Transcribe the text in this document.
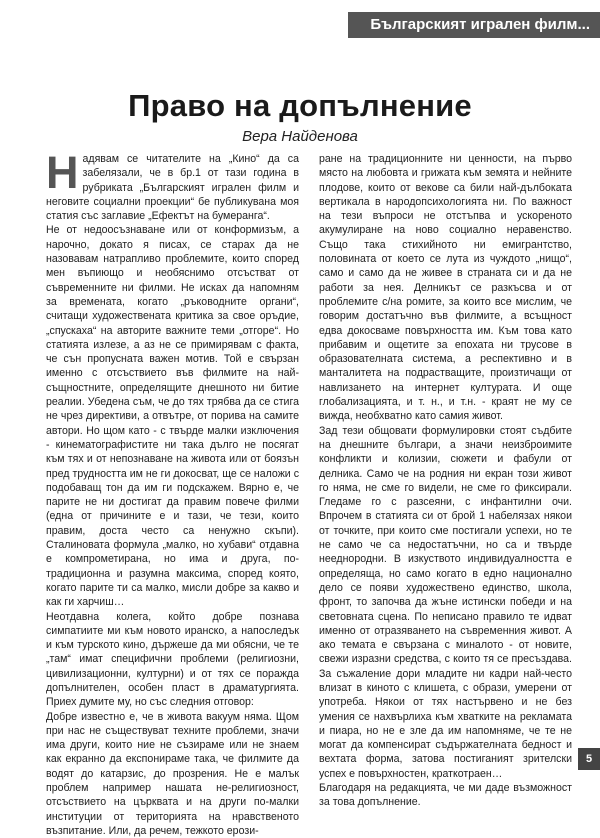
Българският игрален филм...
Право на допълнение
Вера Найденова

Надявам се читателите на „Кино“ да са забелязали, че в бр.1 от тази година в рубриката „Българският игрален филм и неговите социални проекции“ бе публикувана моя статия със заглавие „Ефектът на бумеранга“.

Не от недоосъзнаване или от конформизъм, а нарочно, докато я писах, се старах да не назовавам натрапливо проблемите, които според мен въпиющо и необяснимо отсъстват от съвременните ни филми. Не исках да напомням за времената, когато „ръководните органи“, считащи художествената критика за свое оръдие, „спускаха“ на авторите важните теми „отгоре“. Но статията излезе, а аз не се примирявам с факта, че сън пропусната важен мотив. Той е свързан именно с отсъствието във филмите на най-същностните, определящите днешното ни битие реалии. Убедена съм, че до тях трябва да се стига не чрез директиви, а отвътре, от порива на самите автори. Но щом като - с твърде малки изключения - кинематографистите ни така дълго не посягат към тях и от непознаване на живота или от боязън пред трудността им не ги докосват, ще се наложи с подобаващ тон да им ги подскажем. Вярно е, че парите не ни достигат да правим повече филми (една от причините е и тази, че тези, които правим, доста често са ненужно скъпи). Сталиновата формула „малко, но хубави“ отдавна е компрометирана, но има и друга, по-традиционна и разумна максима, според която, когато парите ти са малко, мисли добре за какво и как ги харчиш…

Неотдавна колега, който добре познава симпатиите ми към новото иранско, а напоследък и към турското кино, държеше да ми обясни, че те „там“ имат специфични проблеми (религиозни, цивилизационни, културни) и от тях се поражда допълнителен, особен пласт в драматургията. Приех думите му, но със следния отговор:

Добре известно е, че в живота вакуум няма. Щом при нас не съществуват техните проблеми, значи има други, които ние не съзираме или не знаем как екранно да експонираме така, че филмите да водят до катарзис, до прозрения. Не е малък проблем например нашата не-религиозност, отсъствието на църквата и на други по-малки институции от територията на нравственото възпитание. Или, да речем, тежкото ерози-

ране на традиционните ни ценности, на първо място на любовта и грижата към земята и нейните плодове, които от векове са били най-дълбоката вертикала в народопсихологията ни. По важност на тези въпроси не отстъпва и ускореното акумулиране на ново социално неравенство. Също така стихийното ни емигрантство, половината от което се лута из чуждото „нищо“, само и само да не живее в страната си и да не работи за нея. Делникът се разкъсва и от проблемите с/на ромите, за които все мислим, че говорим достатъчно във филмите, а всъщност едва докосваме повърхността им. Към това като прибавим и ощетите за епохата ни трусове в образователната система, а респективно и в манталитета на подрастващите, произтичащи от навлизането на интернет културата. И още глобализацията, и т. н., и т.н. - краят не му се вижда, необхватно като самия живот.

Зад тези общовати формулировки стоят съдбите на днешните българи, а значи неизброимите конфликти и колизии, сюжети и фабули от делника. Само че на родния ни екран този живот го няма, не сме го видели, не сме го фиксирали. Гледаме го с разсеяни, с инфантилни очи. Впрочем в статията си от брой 1 набелязах някои от точките, при които сме постигали успехи, но те не само че са недостатъчни, но са и твърде нееднородни. В изкуството индивидуалността е определяща, но само когато в едно национално дело се появи художествено единство, школа, фронт, то започва да жъне истински победи и на световната сцена. По неписано правило те идват именно от отразяването на съвременния живот. А ако темата е свързана с миналото - от новите, свежи изразни средства, с които тя се пресъздава. За съжаление дори младите ни кадри най-често влизат в киното с клишета, с образи, умерени от употреба. Някои от тях настървено и не без умения се нахвърлиха към хватките на рекламата и пиара, но не е зле да им напомняме, че те не могат да компенсират съдържателната бедност и вехтата форма, затова постиганият зрителски успех е повърхностен, краткотраен…

Благодаря на редакцията, че ми даде възможност за това допълнение.

5
